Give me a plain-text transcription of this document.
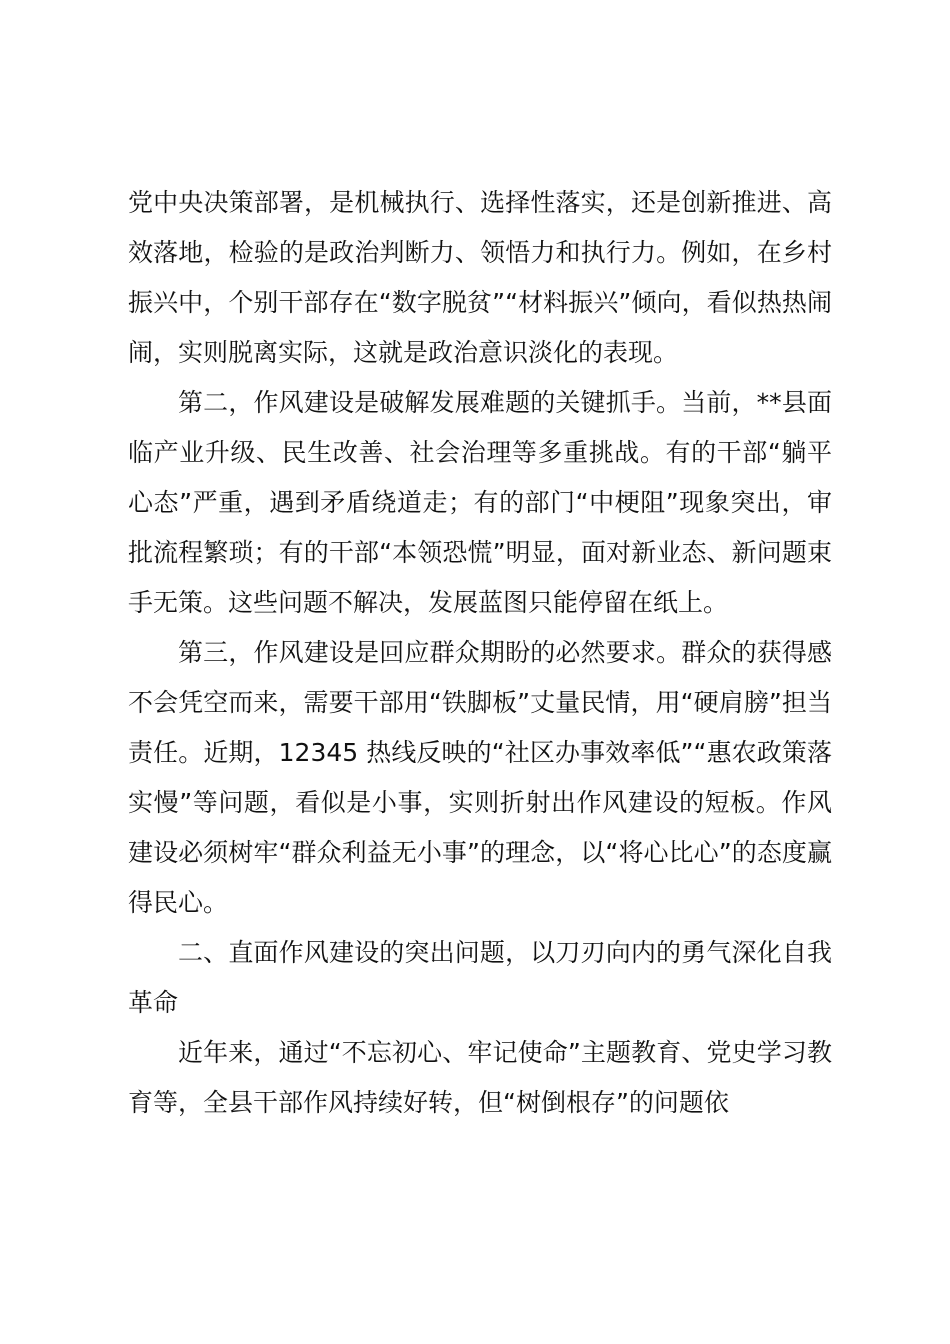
党中央决策部署，是机械执行、选择性落实，还是创新推进、高效落地，检验的是政治判断力、领悟力和执行力。例如，在乡村振兴中，个别干部存在“数字脱贫”“材料振兴”倾向，看似热热闹闹，实则脱离实际，这就是政治意识淡化的表现。

第二，作风建设是破解发展难题的关键抓手。当前，**县面临产业升级、民生改善、社会治理等多重挑战。有的干部“躺平心态”严重，遇到矛盾绕道走；有的部门“中梗阻”现象突出，审批流程繁琐；有的干部“本领恐慌”明显，面对新业态、新问题束手无策。这些问题不解决，发展蓝图只能停留在纸上。

第三，作风建设是回应群众期盼的必然要求。群众的获得感不会凭空而来，需要干部用“铁脚板”丈量民情，用“硬肩膀”担当责任。近期，12345 热线反映的“社区办事效率低”“惠农政策落实慢”等问题，看似是小事，实则折射出作风建设的短板。作风建设必须树牢“群众利益无小事”的理念，以“将心比心”的态度赢得民心。

二、直面作风建设的突出问题，以刀刃向内的勇气深化自我革命

近年来，通过“不忘初心、牢记使命”主题教育、党史学习教育等，全县干部作风持续好转，但“树倒根存”的问题依
